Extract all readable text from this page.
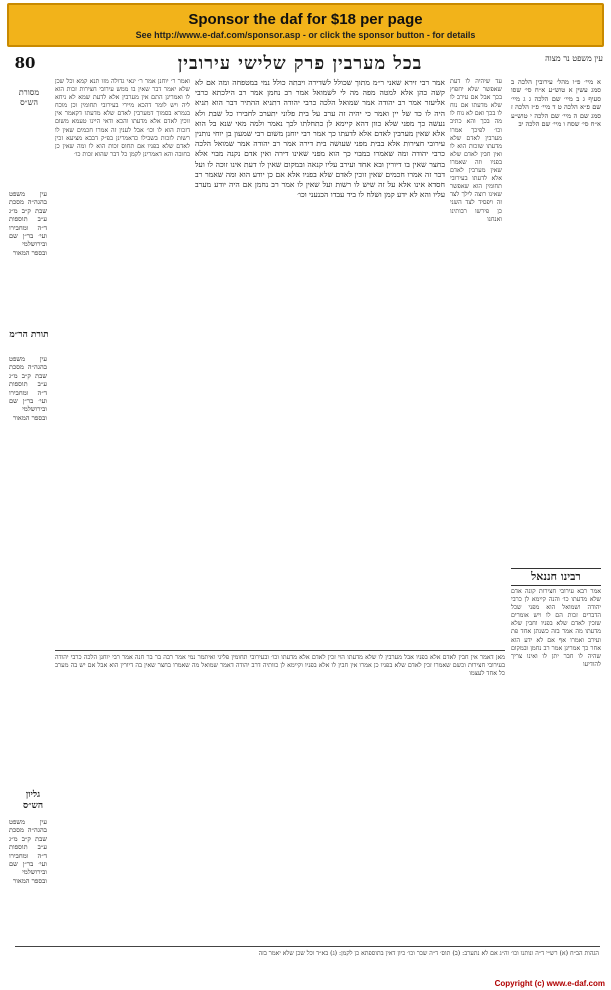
Sponsor the daf for $18 per page
See http://www.e-daf.com/sponsor.asp - or click the sponsor button - for details
80	בכל מערבין פרק שלישי עירובין	עין משפט נר מצוה
מסורת הש״ס
עין משפט בהגה״ה מסכת שבת ק״ב מ״ג ע״ב תוספות ד״ה ומחבירו ועי׳ בר״ן שם ובירושלמי ובספר המאור
תורת הר״מ
עין משפט בהגה״ה מסכת שבת ק״ב מ״ג ע״ב תוספות ד״ה ומחבירו ועי׳ בר״ן שם ובירושלמי ובספר המאור
גליון הש״ס
עין משפט בהגה״ה מסכת שבת ק״ב מ״ג ע״ב תוספות ד״ה ומחבירו ועי׳ בר״ן שם ובירושלמי ובספר המאור
ואמר ר׳ יוחנן אמר ר׳ ינאי גדולה מזו תנא קמא וכל שכן שלא יאמר דבר שאין בו ממש עירובי חצירות זכות הוא לו ואמרינן התם אין מערבין אלא לדעת שמא לא ניחא ליה ויש לומר דהכא מיירי בעירובי תחומין וכן מוכח בגמרא בסמוך דמערבין לאדם שלא מדעתו דקאמר אין זוכין לאדם אלא מדעתו והכא ודאי היינו טעמא משום דזכות הוא לו וכו׳ אבל לענין זה אמרו חכמים שאין לו רשות לזכות בשבילו כדאמרינן בפ״ק דבבא מציעא זכין לאדם שלא בפניו אם תחוס זכות הוא לו ומה שאין כן בחובה והא דאמרינן לקמן כל דבר שהוא זכות כו׳
אמר רבי זירא שאני ר״מ מתוך שכולל לשדירה ויבתה כולל נמי במטפחה ומה אם לא קשה כהן אלא למטה מפה מה לי לשמואל אמר רב נחמן אמר רב הילכתא כרבי אליעזר אמר רב יהודה אמר שמואל הלכה כרבי יהודה דתניא ההתיר דבר הוא תניא היה לו כד של יין ואמר כי יהיה זה ערב על בית פלוני יתערב לחבירו כל שבת ולא נעשה כך מפני שלא כוון דהא קיימא לן כתחלתו לכך נאמר ולמה מאי שנא בל הוא אלא שאין מערבין לאדם אלא לדעתו כך אמר רבי יוחנן משום רבי שמעון בן יוחי נותנין עירובי חצירות אלא בבית מפני שעושה בית דירה אמר רב יהודה אמר שמואל הלכה כרבי יהודה ומה שאמרו במבוי כך הוא מפני שאינו דירה ואין אדם נקנה מבוי אלא בחצר שאין בו דיורין ובא אחד ועירב עליו קנאה ובמקום שאין לו דעת אינו זוכה לו ועל דבר זה אמרו חכמים שאין זוכין לאדם שלא בפניו אלא אם כן יודע הוא ומה שאמר רב חסדא אינו אלא על זה שיש לו רשות ועל שאין לו אמר רב נחמן אם היה יודע מערב עליו והא לא ידע קמן ושלח לו ביד עבדו הכנעני וכו׳
עד שיהיה לו דעת שאפשר שלא יחפוץ בכך אבל אם עירב לו שלא מדעתו אם נוח לו בכך ואם לא נוח לו מה בכך והא כתיב וכו׳ לפיכך אמרו מערבין לאדם שלא מדעתו שזכות הוא לו ואין חבין לאדם שלא בפניו וזה שאמרו שאין מערבין לאדם אלא לדעתו בעירובי תחומין הוא שאפשר שאינו רוצה לילך לצד זה ויפסיד לצד השני כן פירשו רבותינו ואנחנו
א מיי׳ פ״ו מהל׳ עירובין הלכה ב סמג עשין א טוש״ע א״ח סי׳ שסו סעיף ג ב מיי׳ שם הלכה ג ג מיי׳ שם פ״א הלכה ט ד מיי׳ פ״ז הלכה ז סמג שם ה מיי׳ שם הלכה י טוש״ע א״ח סי׳ שסח ו מיי׳ שם הלכה יב
רבינו חננאל
אמר רבא עירובי חצירות קונה אדם שלא מדעתו כו׳ והנה קיימא לן כרבי יהודה ושמואל הוא מפני שכל הדברים זכות הם לו ויש אומרים שזכין לאדם שלא בפניו וחבין שלא מדעתו מה אמר בזה כשנתן אחד פת ועירב ואמרו אף אם לא ידע הוא אחר כך אמרינן אמר רב נחמן ובמקום שהיה לו חבר יתן לו ואינו צריך להודיעו
מאן דאמר אין חבין לאדם אלא בפניו אבל מערבין לו שלא מדעתו הוי זכין לאדם אלא מדעתו וכו׳ ובעירובי תחומין פליגי ואיתמר נמי אמר רבה בר בר חנה אמר רבי יוחנן הלכה כרבי יהודה בעירובי חצירות וכשם שאמרו זכין לאדם שלא בפניו כן אמרו אין חבין לו אלא בפניו וקיימא לן כוותיה דרב יהודה דאמר שמואל מה שאמרו בחצר שאין בה דיורין הוא אבל אם יש בה מערב כל אחד לעצמו
הגהות הב״ח (א) רש״י ד״ה ונותנו וכו׳ וה״ג אם לא נתערב: (ב) תוס׳ ד״ה שכר וכו׳ כיון דאין בתוספתא כן לקמן: (ג) בא״ד וכל שכן שלא יאמר בזה
Copyright (c) www.e-daf.com
